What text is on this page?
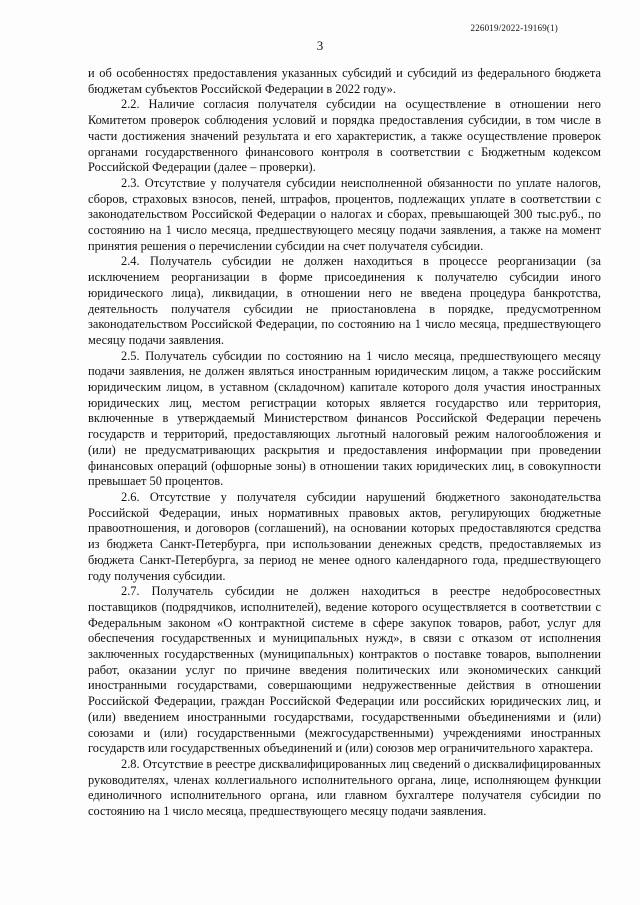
226019/2022-19169(1)
3

и об особенностях предоставления указанных субсидий и субсидий из федерального бюджета бюджетам субъектов Российской Федерации в 2022 году».

2.2. Наличие согласия получателя субсидии на осуществление в отношении него Комитетом проверок соблюдения условий и порядка предоставления субсидии, в том числе в части достижения значений результата и его характеристик, а также осуществление проверок органами государственного финансового контроля в соответствии с Бюджетным кодексом Российской Федерации (далее – проверки).

2.3. Отсутствие у получателя субсидии неисполненной обязанности по уплате налогов, сборов, страховых взносов, пеней, штрафов, процентов, подлежащих уплате в соответствии с законодательством Российской Федерации о налогах и сборах, превышающей 300 тыс.руб., по состоянию на 1 число месяца, предшествующего месяцу подачи заявления, а также на момент принятия решения о перечислении субсидии на счет получателя субсидии.

2.4. Получатель субсидии не должен находиться в процессе реорганизации (за исключением реорганизации в форме присоединения к получателю субсидии иного юридического лица), ликвидации, в отношении него не введена процедура банкротства, деятельность получателя субсидии не приостановлена в порядке, предусмотренном законодательством Российской Федерации, по состоянию на 1 число месяца, предшествующего месяцу подачи заявления.

2.5. Получатель субсидии по состоянию на 1 число месяца, предшествующего месяцу подачи заявления, не должен являться иностранным юридическим лицом, а также российским юридическим лицом, в уставном (складочном) капитале которого доля участия иностранных юридических лиц, местом регистрации которых является государство или территория, включенные в утверждаемый Министерством финансов Российской Федерации перечень государств и территорий, предоставляющих льготный налоговый режим налогообложения и (или) не предусматривающих раскрытия и предоставления информации при проведении финансовых операций (офшорные зоны) в отношении таких юридических лиц, в совокупности превышает 50 процентов.

2.6. Отсутствие у получателя субсидии нарушений бюджетного законодательства Российской Федерации, иных нормативных правовых актов, регулирующих бюджетные правоотношения, и договоров (соглашений), на основании которых предоставляются средства из бюджета Санкт-Петербурга, при использовании денежных средств, предоставляемых из бюджета Санкт-Петербурга, за период не менее одного календарного года, предшествующего году получения субсидии.

2.7. Получатель субсидии не должен находиться в реестре недобросовестных поставщиков (подрядчиков, исполнителей), ведение которого осуществляется в соответствии с Федеральным законом «О контрактной системе в сфере закупок товаров, работ, услуг для обеспечения государственных и муниципальных нужд», в связи с отказом от исполнения заключенных государственных (муниципальных) контрактов о поставке товаров, выполнении работ, оказании услуг по причине введения политических или экономических санкций иностранными государствами, совершающими недружественные действия в отношении Российской Федерации, граждан Российской Федерации или российских юридических лиц, и (или) введением иностранными государствами, государственными объединениями и (или) союзами и (или) государственными (межгосударственными) учреждениями иностранных государств или государственных объединений и (или) союзов мер ограничительного характера.

2.8. Отсутствие в реестре дисквалифицированных лиц сведений о дисквалифицированных руководителях, членах коллегиального исполнительного органа, лице, исполняющем функции единоличного исполнительного органа, или главном бухгалтере получателя субсидии по состоянию на 1 число месяца, предшествующего месяцу подачи заявления.
